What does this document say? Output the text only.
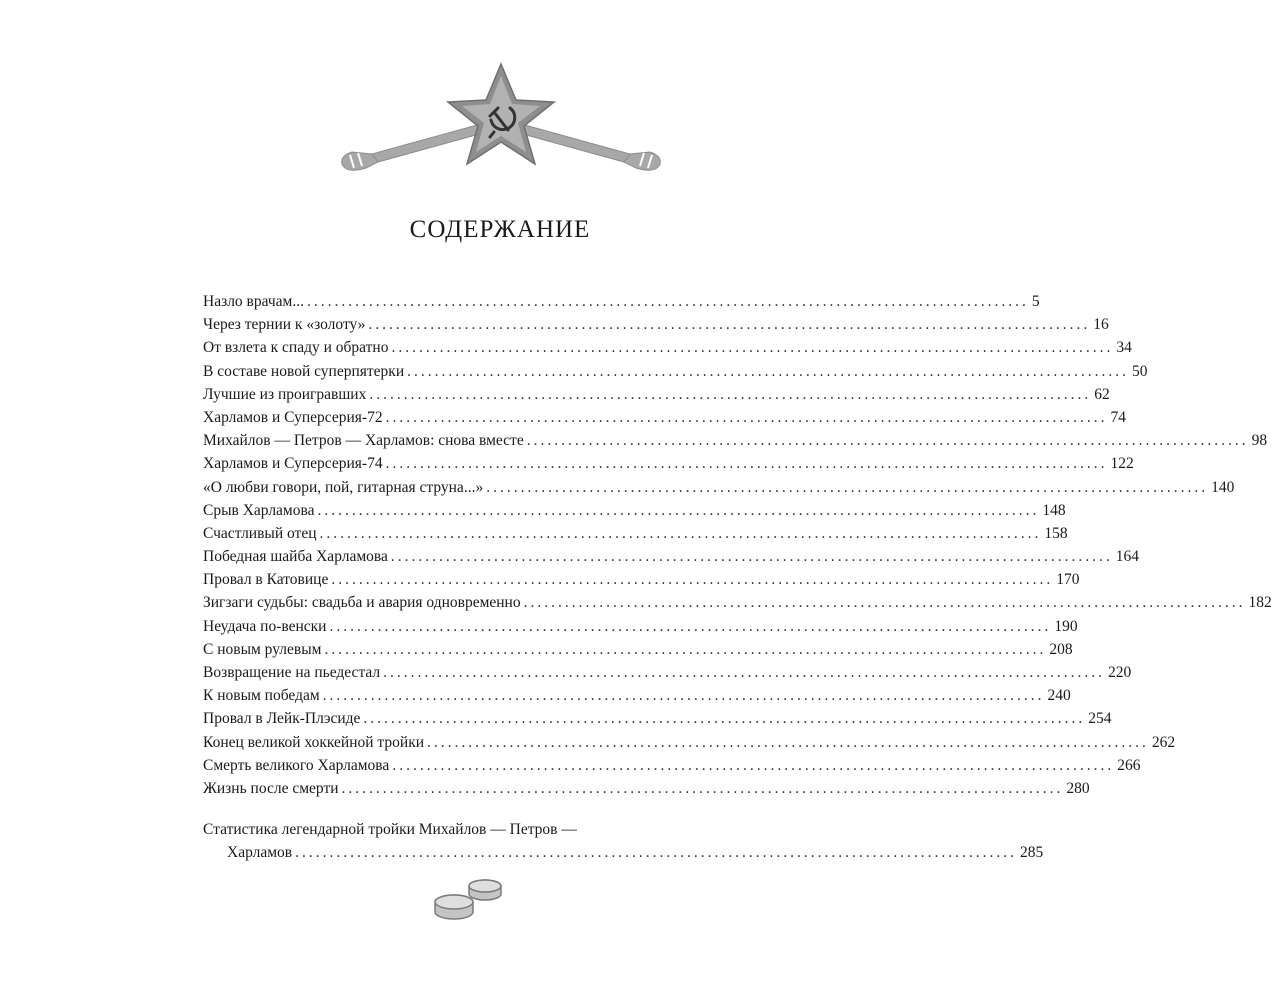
СОДЕРЖАНИЕ
Назло врачам... ......................................................................................................... 5
Через тернии к «золоту» ......................................................................................................... 16
От взлета к спаду и обратно ......................................................................................................... 34
В составе новой суперпятерки ......................................................................................................... 50
Лучшие из проигравших ......................................................................................................... 62
Харламов и Суперсерия-72 ......................................................................................................... 74
Михайлов — Петров — Харламов: снова вместе ......................................................................................................... 98
Харламов и Суперсерия-74 ......................................................................................................... 122
«О любви говори, пой, гитарная струна...» ......................................................................................................... 140
Срыв Харламова ......................................................................................................... 148
Счастливый отец ......................................................................................................... 158
Победная шайба Харламова ......................................................................................................... 164
Провал в Катовице ......................................................................................................... 170
Зигзаги судьбы: свадьба и авария одновременно ......................................................................................................... 182
Неудача по-венски ......................................................................................................... 190
С новым рулевым ......................................................................................................... 208
Возвращение на пьедестал ......................................................................................................... 220
К новым победам ......................................................................................................... 240
Провал в Лейк-Плэсиде ......................................................................................................... 254
Конец великой хоккейной тройки ......................................................................................................... 262
Смерть великого Харламова ......................................................................................................... 266
Жизнь после смерти ......................................................................................................... 280
Статистика легендарной тройки Михайлов — Петров —
Харламов ......................................................................................................... 285
